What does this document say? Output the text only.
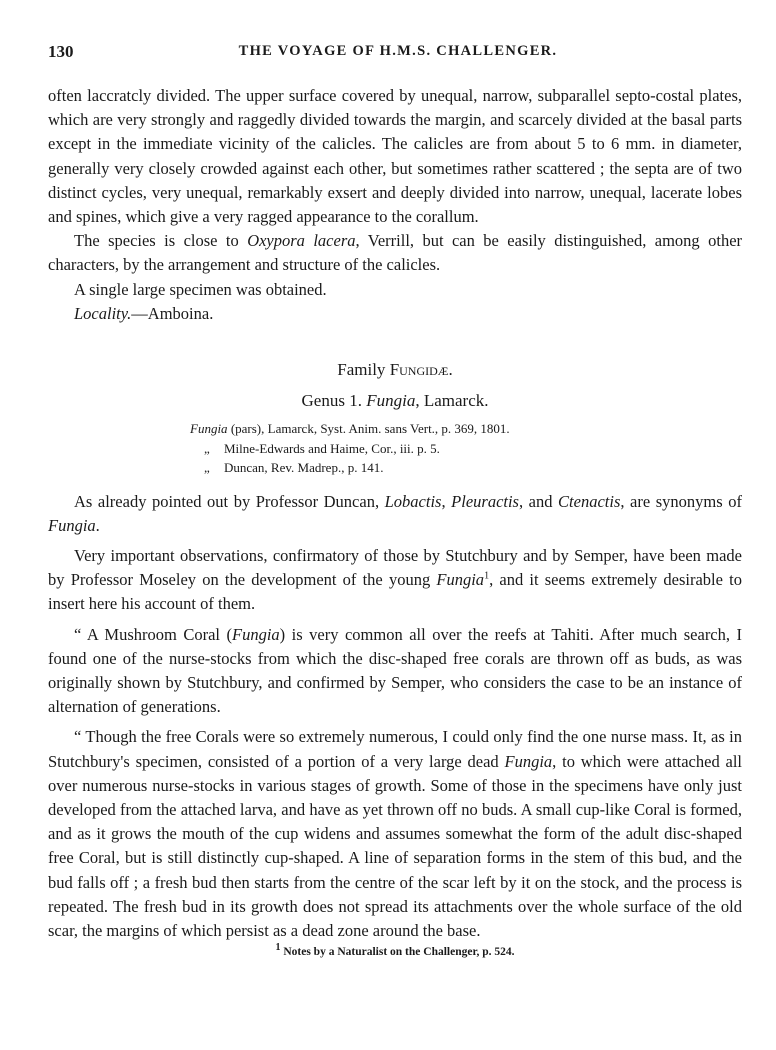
130	THE VOYAGE OF H.M.S. CHALLENGER.

often laccratcly divided. The upper surface covered by unequal, narrow, subparallel septo-costal plates, which are very strongly and raggedly divided towards the margin, and scarcely divided at the basal parts except in the immediate vicinity of the calicles. The calicles are from about 5 to 6 mm. in diameter, generally very closely crowded against each other, but sometimes rather scattered ; the septa are of two distinct cycles, very unequal, remarkably exsert and deeply divided into narrow, unequal, lacerate lobes and spines, which give a very ragged appearance to the corallum.

The species is close to Oxypora lacera, Verrill, but can be easily distinguished, among other characters, by the arrangement and structure of the calicles.

A single large specimen was obtained.

Locality.—Amboina.

Family Fungidæ.
Genus 1. Fungia, Lamarck.
Fungia (pars), Lamarck, Syst. Anim. sans Vert., p. 369, 1801.
„	Milne-Edwards and Haime, Cor., iii. p. 5.
„	Duncan, Rev. Madrep., p. 141.

As already pointed out by Professor Duncan, Lobactis, Pleuractis, and Ctenactis, are synonyms of Fungia.

Very important observations, confirmatory of those by Stutchbury and by Semper, have been made by Professor Moseley on the development of the young Fungia$^1$, and it seems extremely desirable to insert here his account of them.

“ A Mushroom Coral (Fungia) is very common all over the reefs at Tahiti. After much search, I found one of the nurse-stocks from which the disc-shaped free corals are thrown off as buds, as was originally shown by Stutchbury, and confirmed by Semper, who considers the case to be an instance of alternation of generations.

“ Though the free Corals were so extremely numerous, I could only find the one nurse mass. It, as in Stutchbury's specimen, consisted of a portion of a very large dead Fungia, to which were attached all over numerous nurse-stocks in various stages of growth. Some of those in the specimens have only just developed from the attached larva, and have as yet thrown off no buds. A small cup-like Coral is formed, and as it grows the mouth of the cup widens and assumes somewhat the form of the adult disc-shaped free Coral, but is still distinctly cup-shaped. A line of separation forms in the stem of this bud, and the bud falls off ; a fresh bud then starts from the centre of the scar left by it on the stock, and the process is repeated. The fresh bud in its growth does not spread its attachments over the whole surface of the old scar, the margins of which persist as a dead zone around the base.

$^1$ Notes by a Naturalist on the Challenger, p. 524.
